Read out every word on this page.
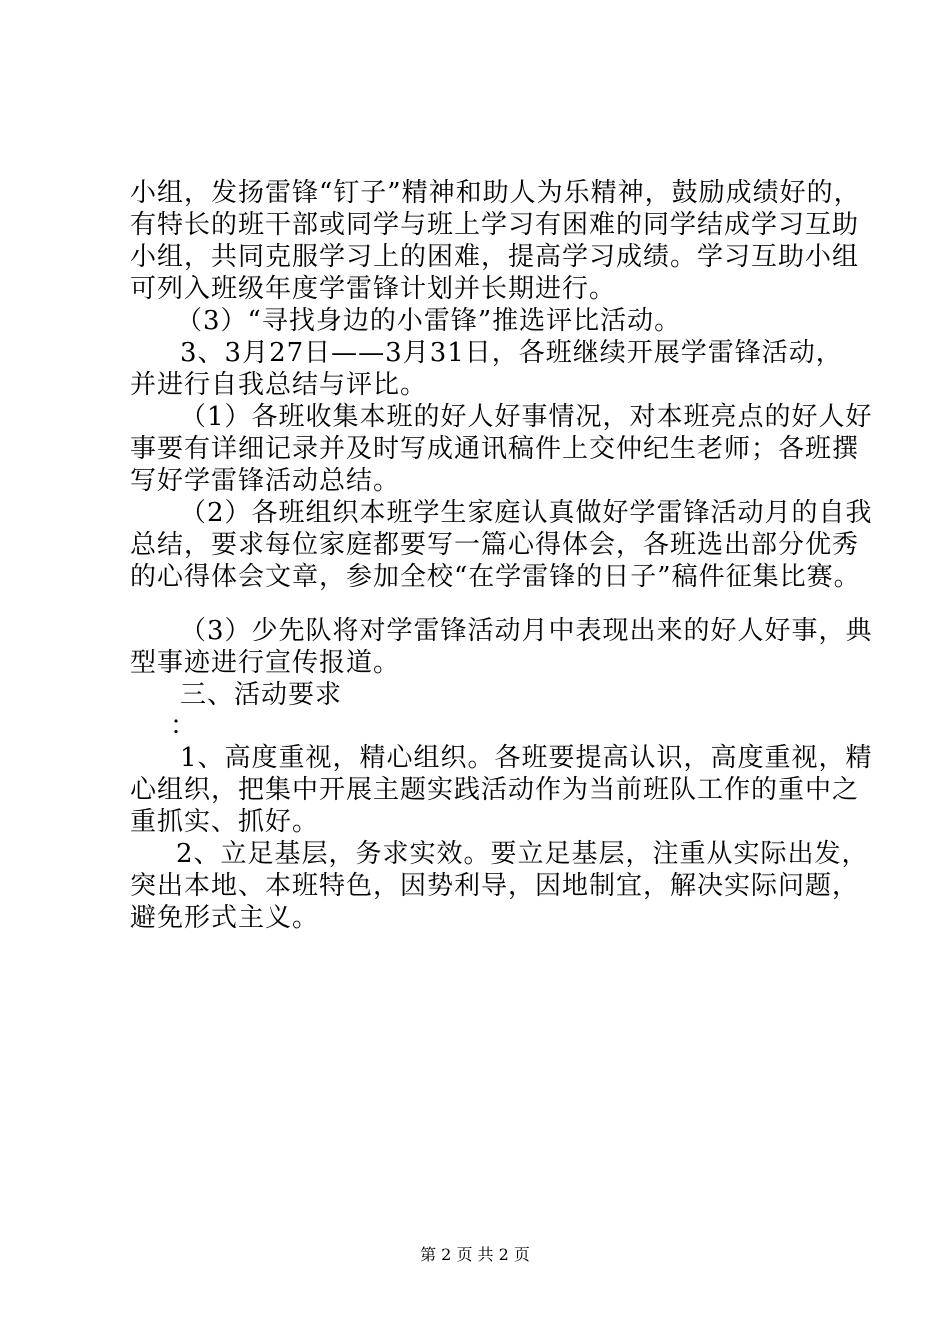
小组，发扬雷锋“钉子”精神和助人为乐精神，鼓励成绩好的，
有特长的班干部或同学与班上学习有困难的同学结成学习互助
小组，共同克服学习上的困难，提高学习成绩。学习互助小组
可列入班级年度学雷锋计划并长期进行。
（3）“寻找身边的小雷锋”推选评比活动。
3、3月27日——3月31日，各班继续开展学雷锋活动，
并进行自我总结与评比。
（1）各班收集本班的好人好事情况，对本班亮点的好人好
事要有详细记录并及时写成通讯稿件上交仲纪生老师；各班撰
写好学雷锋活动总结。
（2）各班组织本班学生家庭认真做好学雷锋活动月的自我
总结，要求每位家庭都要写一篇心得体会，各班选出部分优秀
的心得体会文章，参加全校“在学雷锋的日子”稿件征集比赛。
（3）少先队将对学雷锋活动月中表现出来的好人好事，典
型事迹进行宣传报道。
三、活动要求
：
1、高度重视，精心组织。各班要提高认识，高度重视，精
心组织，把集中开展主题实践活动作为当前班队工作的重中之
重抓实、抓好。
2、立足基层，务求实效。要立足基层，注重从实际出发，
突出本地、本班特色，因势利导，因地制宜，解决实际问题，
避免形式主义。
第 2 页 共 2 页
